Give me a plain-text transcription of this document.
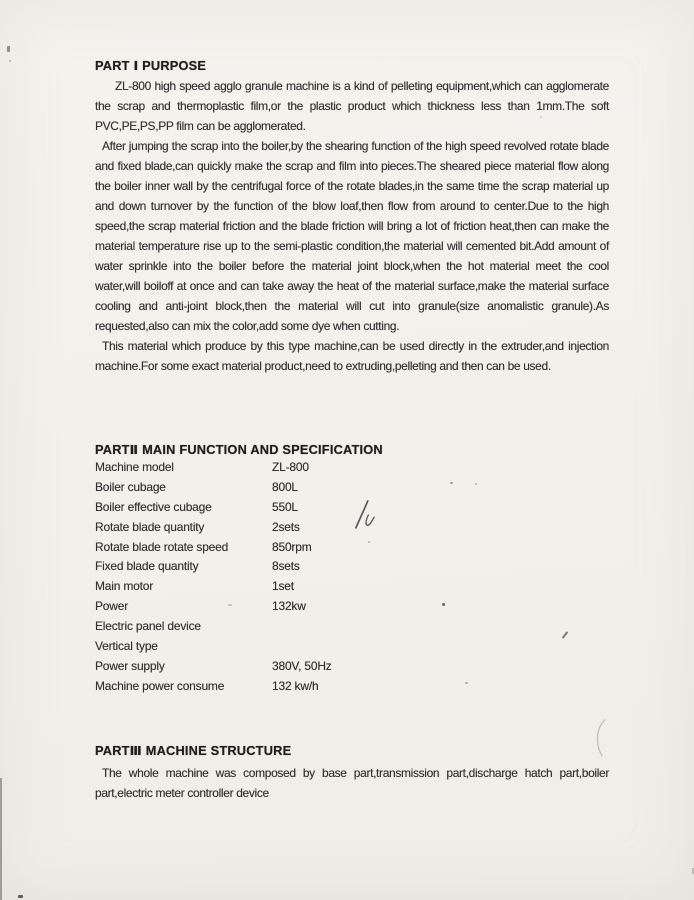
PART Ⅰ PURPOSE

ZL-800 high speed agglo granule machine is a kind of pelleting equipment,which can agglomerate the scrap and thermoplastic film,or the plastic product which thickness less than 1mm.The soft PVC,PE,PS,PP film can be agglomerated.

After jumping the scrap into the boiler,by the shearing function of the high speed revolved rotate blade and fixed blade,can quickly make the scrap and film into pieces.The sheared piece material flow along the boiler inner wall by the centrifugal force of the rotate blades,in the same time the scrap material up and down turnover by the function of the blow loaf,then flow from around to center.Due to the high speed,the scrap material friction and the blade friction will bring a lot of friction heat,then can make the material temperature rise up to the semi-plastic condition,the material will cemented bit.Add amount of water sprinkle into the boiler before the material joint block,when the hot material meet the cool water,will boiloff at once and can take away the heat of the material surface,make the material surface cooling and anti-joint block,then the material will cut into granule(size anomalistic granule).As requested,also can mix the color,add some dye when cutting.

This material which produce by this type machine,can be used directly in the extruder,and injection machine.For some exact material product,need to extruding,pelleting and then can be used.

PARTⅡ MAIN FUNCTION AND SPECIFICATION
Machine model	ZL-800
Boiler cubage	800L
Boiler effective cubage	550L
Rotate blade quantity	2sets
Rotate blade rotate speed	850rpm
Fixed blade quantity	8sets
Main motor	1set
Power	132kw
Electric panel device
Vertical type
Power supply	380V, 50Hz
Machine power consume	132 kw/h
PARTⅢ MACHINE STRUCTURE

The whole machine was composed by base part,transmission part,discharge hatch part,boiler part,electric meter controller device
